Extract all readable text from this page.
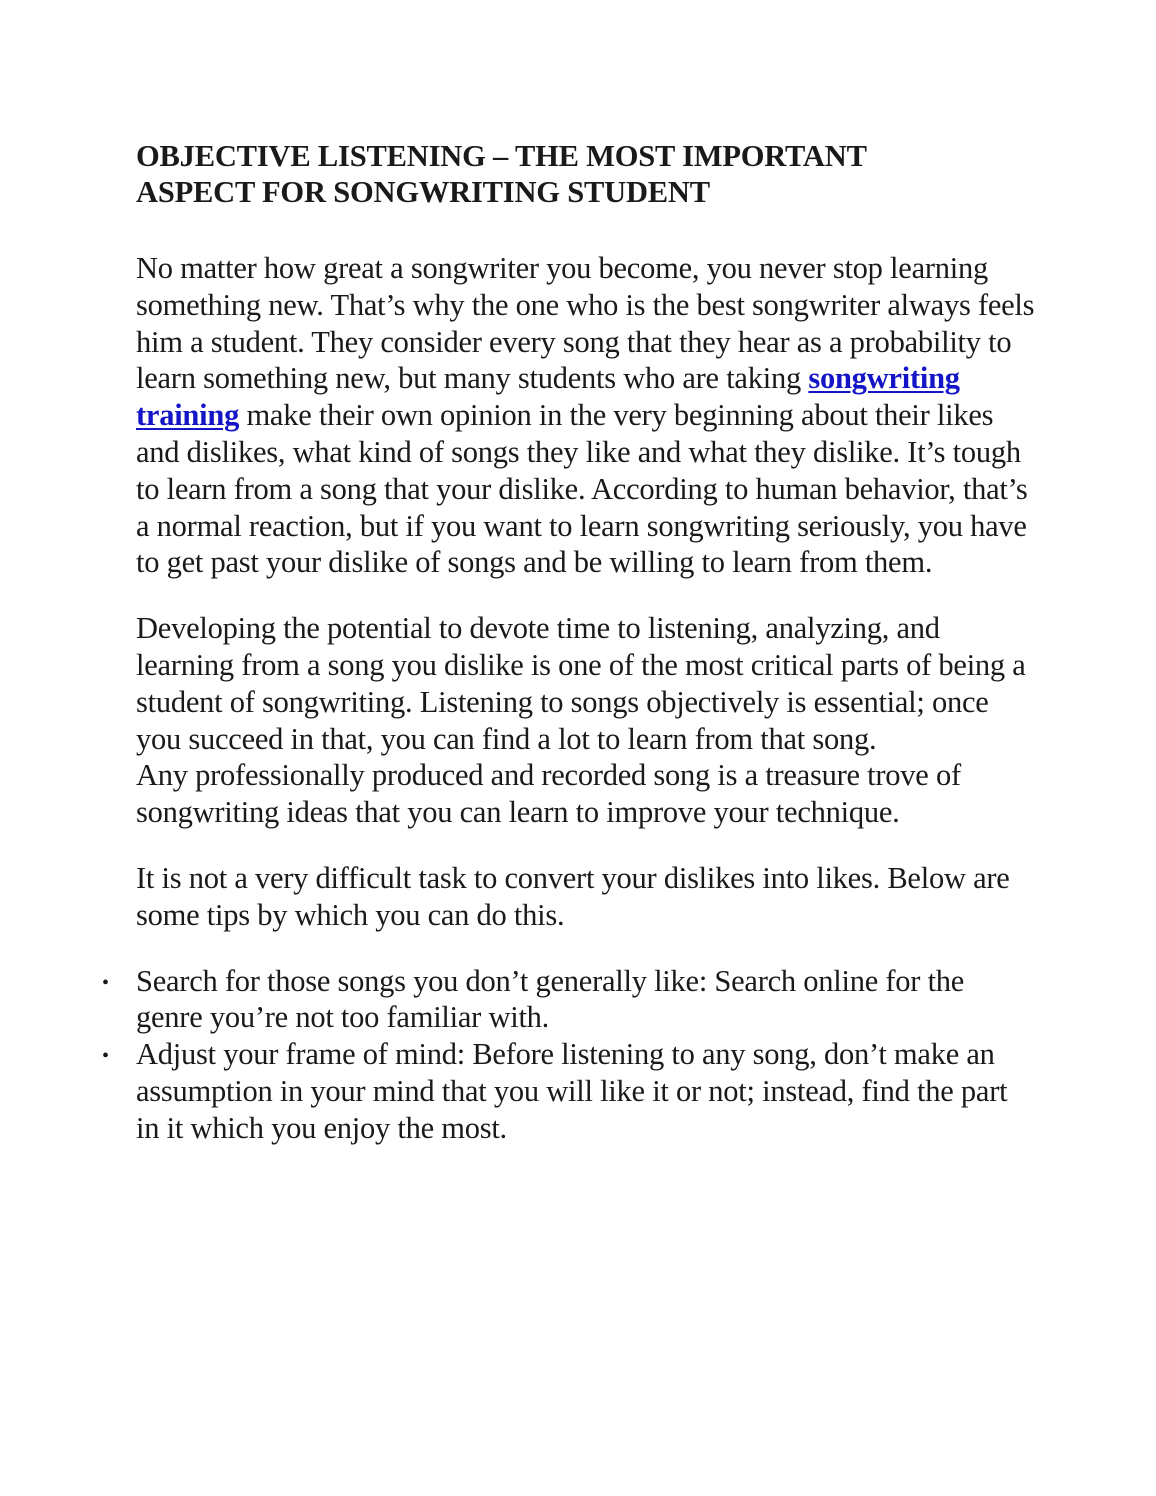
OBJECTIVE LISTENING – THE MOST IMPORTANT
ASPECT FOR SONGWRITING STUDENT

No matter how great a songwriter you become, you never stop learning something new. That’s why the one who is the best songwriter always feels him a student. They consider every song that they hear as a probability to learn something new, but many students who are taking songwriting training make their own opinion in the very beginning about their likes and dislikes, what kind of songs they like and what they dislike. It’s tough to learn from a song that your dislike. According to human behavior, that’s a normal reaction, but if you want to learn songwriting seriously, you have to get past your dislike of songs and be willing to learn from them.

Developing the potential to devote time to listening, analyzing, and learning from a song you dislike is one of the most critical parts of being a student of songwriting. Listening to songs objectively is essential; once you succeed in that, you can find a lot to learn from that song.

Any professionally produced and recorded song is a treasure trove of songwriting ideas that you can learn to improve your technique.

It is not a very difficult task to convert your dislikes into likes. Below are some tips by which you can do this.

• Search for those songs you don’t generally like: Search online for the genre you’re not too familiar with.
• Adjust your frame of mind: Before listening to any song, don’t make an assumption in your mind that you will like it or not; instead, find the part in it which you enjoy the most.
